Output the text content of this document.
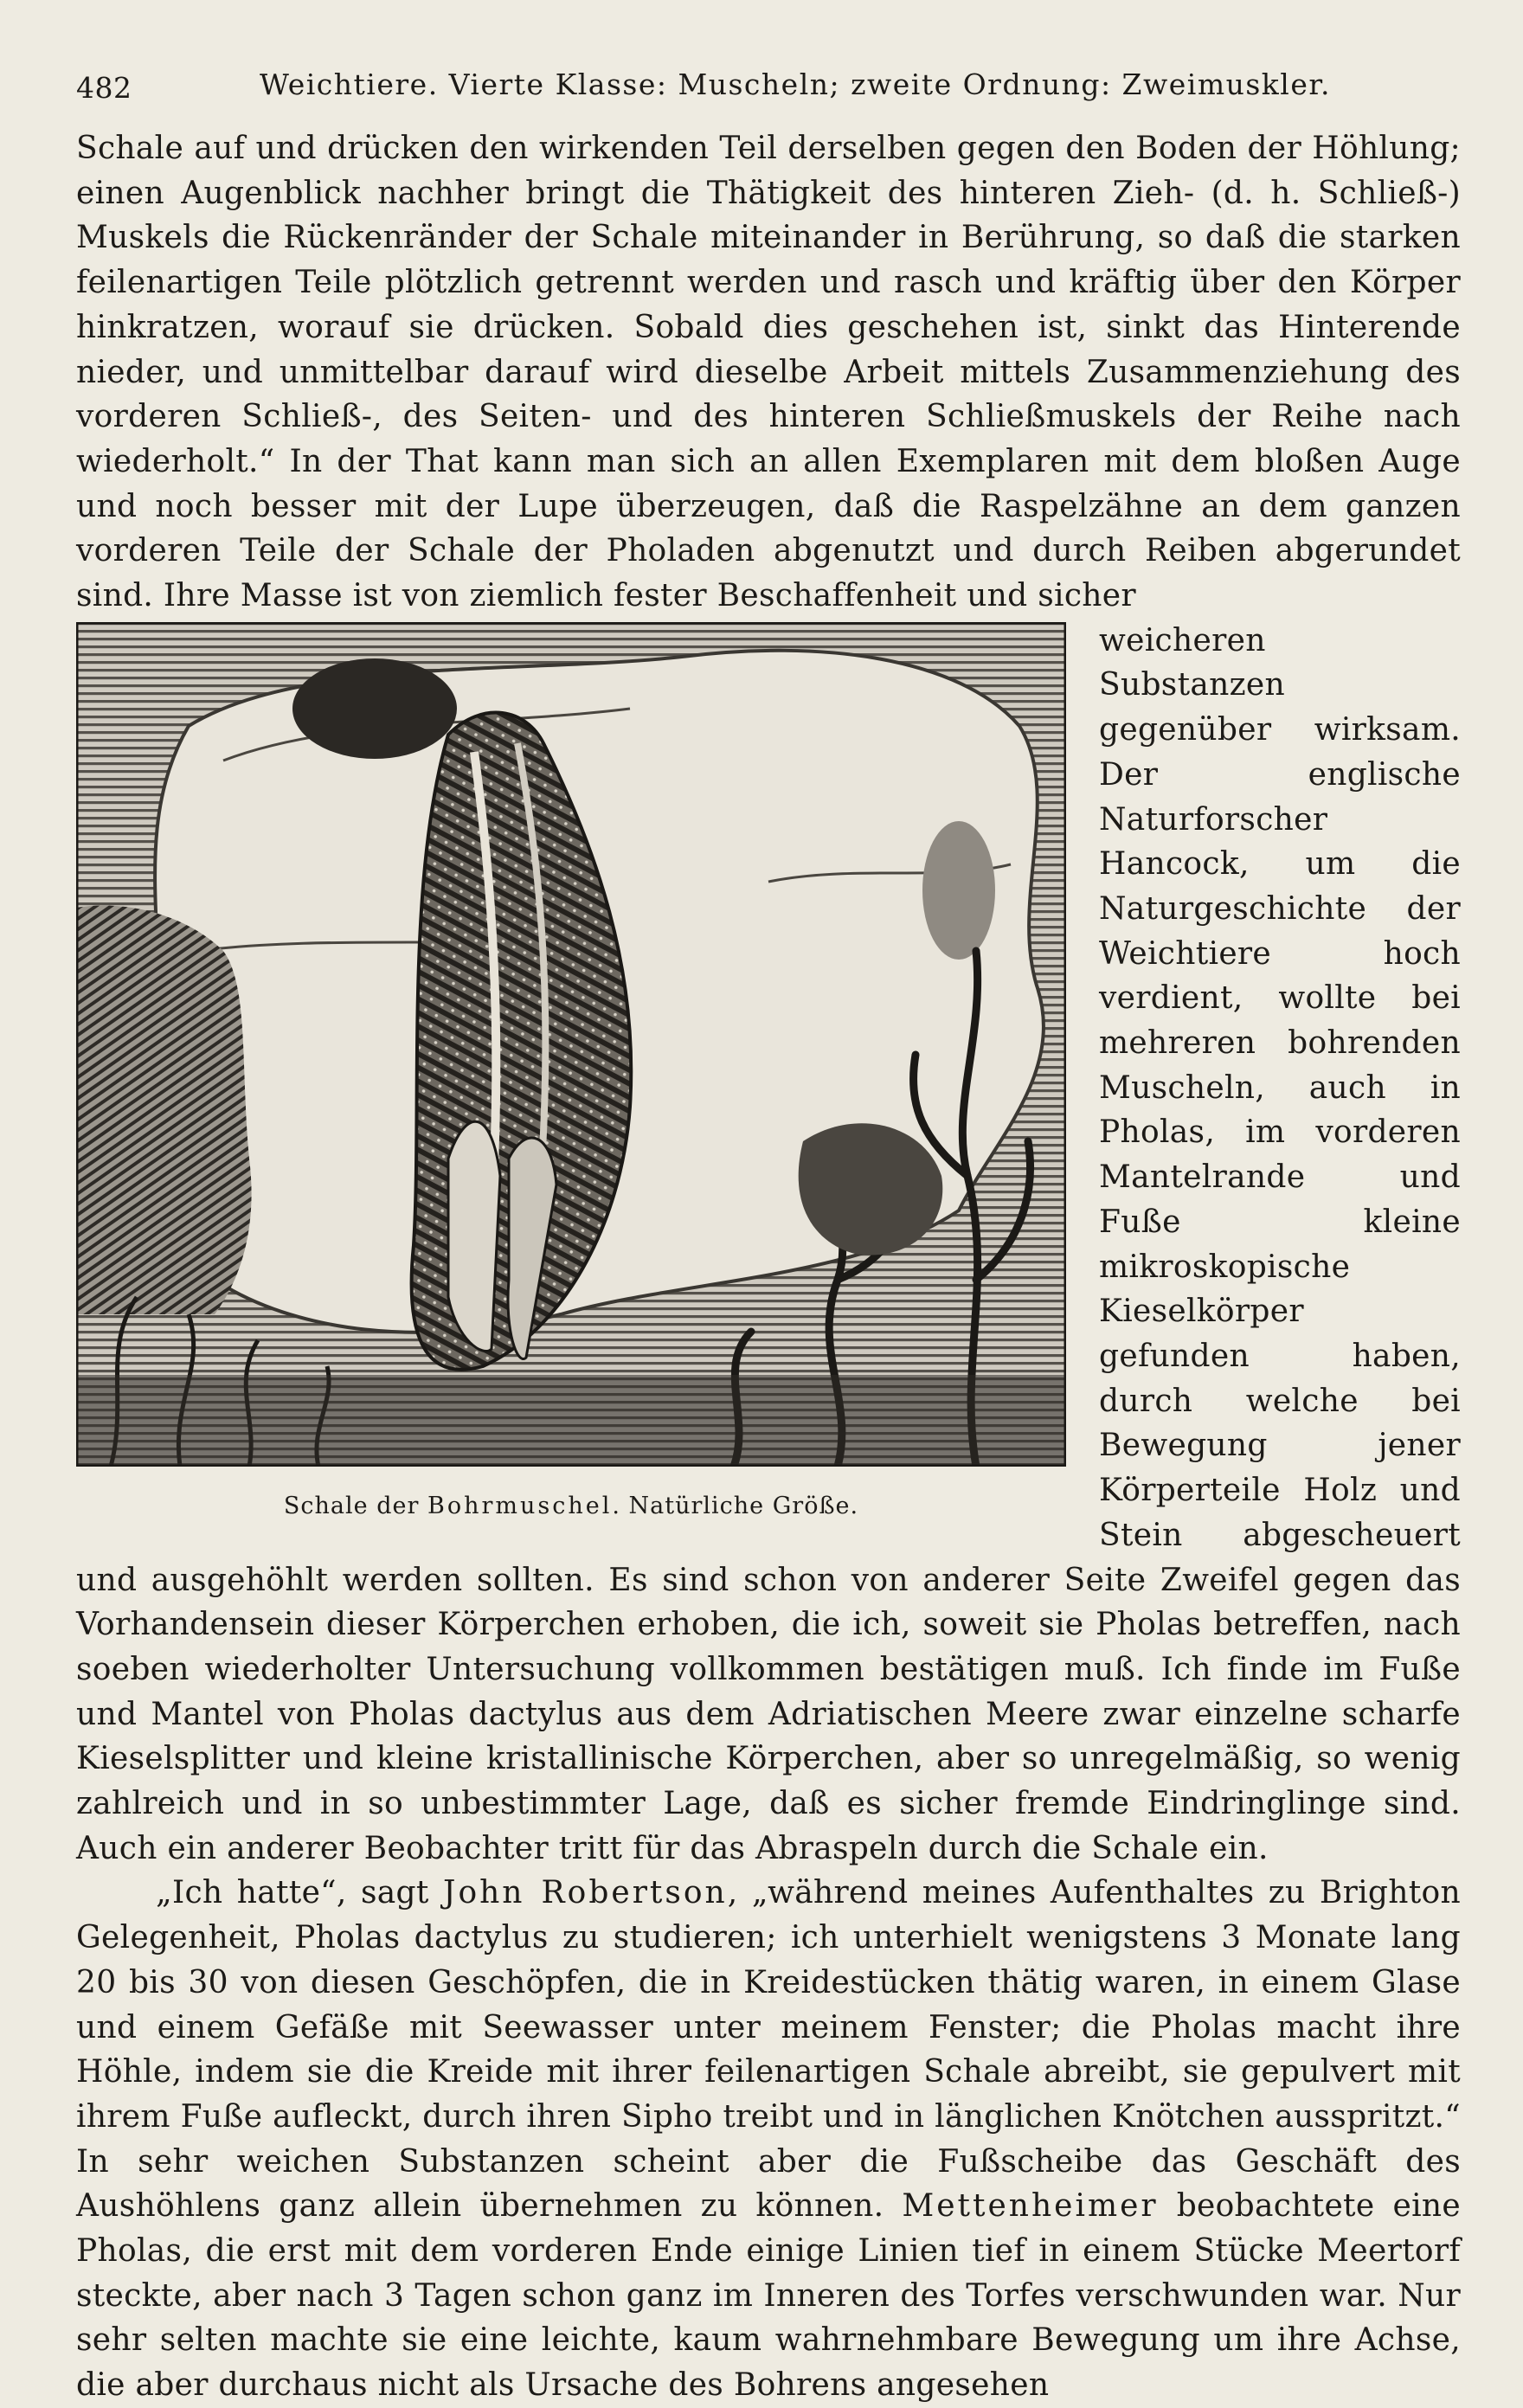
482	Weichtiere. Vierte Klasse: Muscheln; zweite Ordnung: Zweimuskler.

Schale auf und drücken den wirkenden Teil derselben gegen den Boden der Höhlung; einen Augenblick nachher bringt die Thätigkeit des hinteren Zieh- (d. h. Schließ-) Muskels die Rückenränder der Schale miteinander in Berührung, so daß die starken feilenartigen Teile plötzlich getrennt werden und rasch und kräftig über den Körper hinkratzen, worauf sie drücken. Sobald dies geschehen ist, sinkt das Hinterende nieder, und unmittelbar darauf wird dieselbe Arbeit mittels Zusammenziehung des vorderen Schließ-, des Seiten- und des hinteren Schließmuskels der Reihe nach wiederholt.“ In der That kann man sich an allen Exemplaren mit dem bloßen Auge und noch besser mit der Lupe überzeugen, daß die Raspelzähne an dem ganzen vorderen Teile der Schale der Pholaden abgenutzt und durch Reiben abgerundet sind. Ihre Masse ist von ziemlich fester Beschaffenheit und sicher

Schale der Bohrmuschel. Natürliche Größe.

weicheren Substanzen gegenüber wirksam. Der englische Naturforscher Hancock, um die Naturgeschichte der Weichtiere hoch verdient, wollte bei mehreren bohrenden Muscheln, auch in Pholas, im vorderen Mantelrande und Fuße kleine mikroskopische Kieselkörper gefunden haben, durch welche bei Bewegung jener Körperteile Holz und Stein abgescheuert und ausgehöhlt werden sollten. Es sind schon von anderer Seite Zweifel gegen das Vorhandensein dieser Körperchen erhoben, die ich, soweit sie Pholas betreffen, nach soeben wiederholter Untersuchung vollkommen bestätigen muß. Ich finde im Fuße und Mantel von Pholas dactylus aus dem Adriatischen Meere zwar einzelne scharfe Kieselsplitter und kleine kristallinische Körperchen, aber so unregelmäßig, so wenig zahlreich und in so unbestimmter Lage, daß es sicher fremde Eindringlinge sind. Auch ein anderer Beobachter tritt für das Abraspeln durch die Schale ein.

„Ich hatte“, sagt John Robertson, „während meines Aufenthaltes zu Brighton Gelegenheit, Pholas dactylus zu studieren; ich unterhielt wenigstens 3 Monate lang 20 bis 30 von diesen Geschöpfen, die in Kreidestücken thätig waren, in einem Glase und einem Gefäße mit Seewasser unter meinem Fenster; die Pholas macht ihre Höhle, indem sie die Kreide mit ihrer feilenartigen Schale abreibt, sie gepulvert mit ihrem Fuße aufleckt, durch ihren Sipho treibt und in länglichen Knötchen ausspritzt.“ In sehr weichen Substanzen scheint aber die Fußscheibe das Geschäft des Aushöhlens ganz allein übernehmen zu können. Mettenheimer beobachtete eine Pholas, die erst mit dem vorderen Ende einige Linien tief in einem Stücke Meertorf steckte, aber nach 3 Tagen schon ganz im Inneren des Torfes verschwunden war. Nur sehr selten machte sie eine leichte, kaum wahrnehmbare Bewegung um ihre Achse, die aber durchaus nicht als Ursache des Bohrens angesehen
